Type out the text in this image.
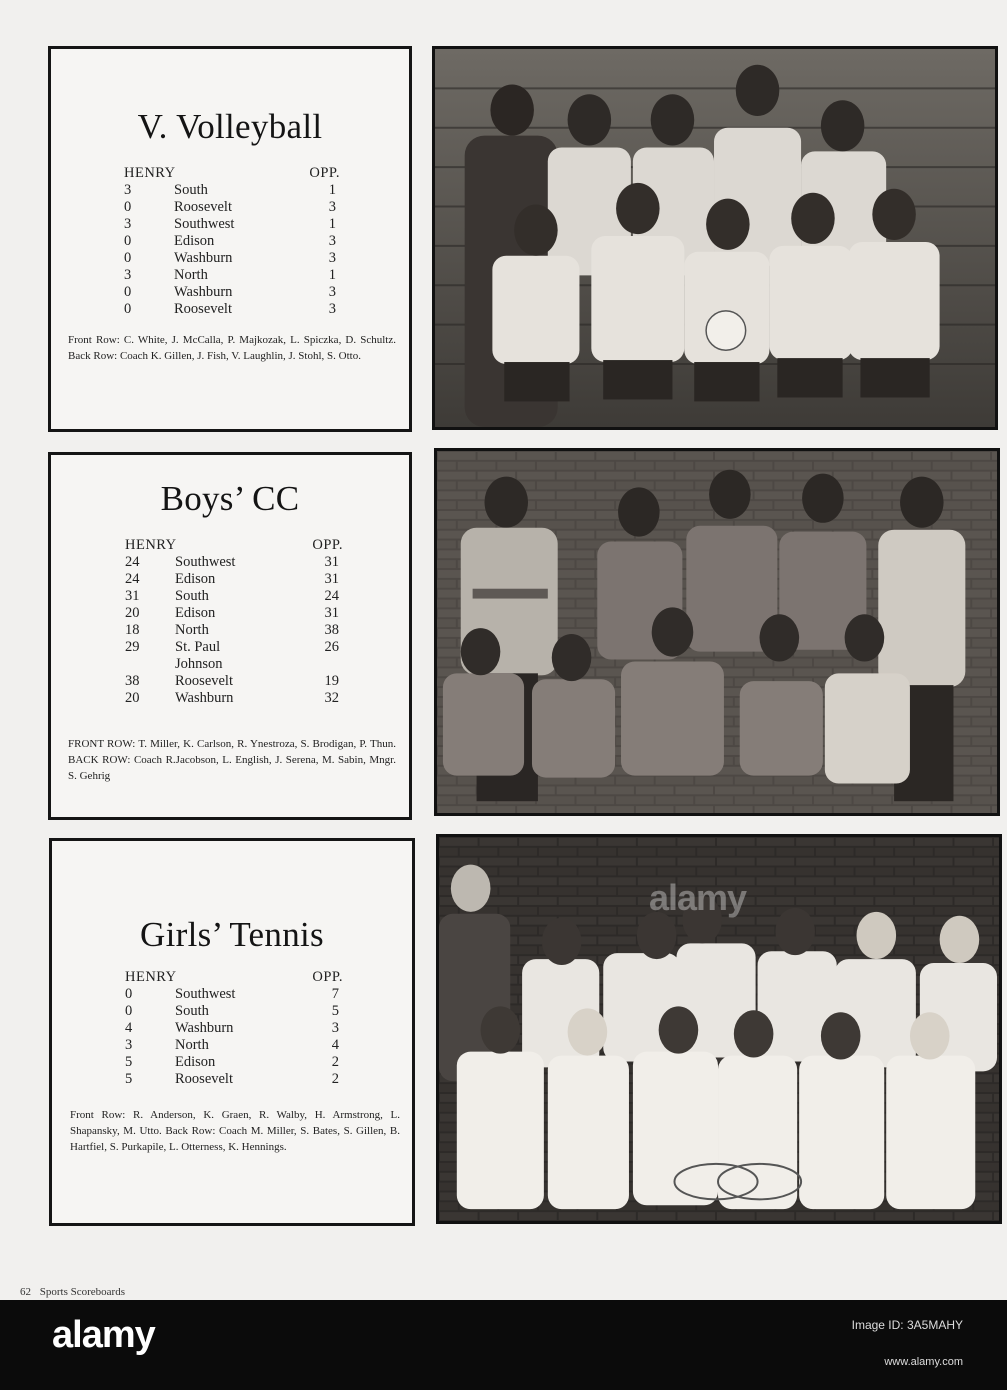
V. Volleyball
HENRY	OPP.
3	South	1
0	Roosevelt	3
3	Southwest	1
0	Edison	3
0	Washburn	3
3	North	1
0	Washburn	3
0	Roosevelt	3
Front Row: C. White, J. McCalla, P. Majkozak, L. Spiczka, D. Schultz. Back Row: Coach K. Gillen, J. Fish, V. Laughlin, J. Stohl, S. Otto.
Boys’ CC
HENRY	OPP.
24	Southwest	31
24	Edison	31
31	South	24
20	Edison	31
18	North	38
29	St. Paul	26
Johnson
38	Roosevelt	19
20	Washburn	32
FRONT ROW: T. Miller, K. Carlson, R. Ynestroza, S. Brodigan, P. Thun. BACK ROW: Coach R.Jacobson, L. English, J. Serena, M. Sabin, Mngr. S. Gehrig
Girls’ Tennis
HENRY	OPP.
0	Southwest	7
0	South	5
4	Washburn	3
3	North	4
5	Edison	2
5	Roosevelt	2
Front Row: R. Anderson, K. Graen, R. Walby, H. Armstrong, L. Shapansky, M. Utto. Back Row: Coach M. Miller, S. Bates, S. Gillen, B. Hartfiel, S. Purkapile, L. Otterness, K. Hennings.
alamy
62 Sports Scoreboards
alamy	Image ID: 3A5MAHY
www.alamy.com
